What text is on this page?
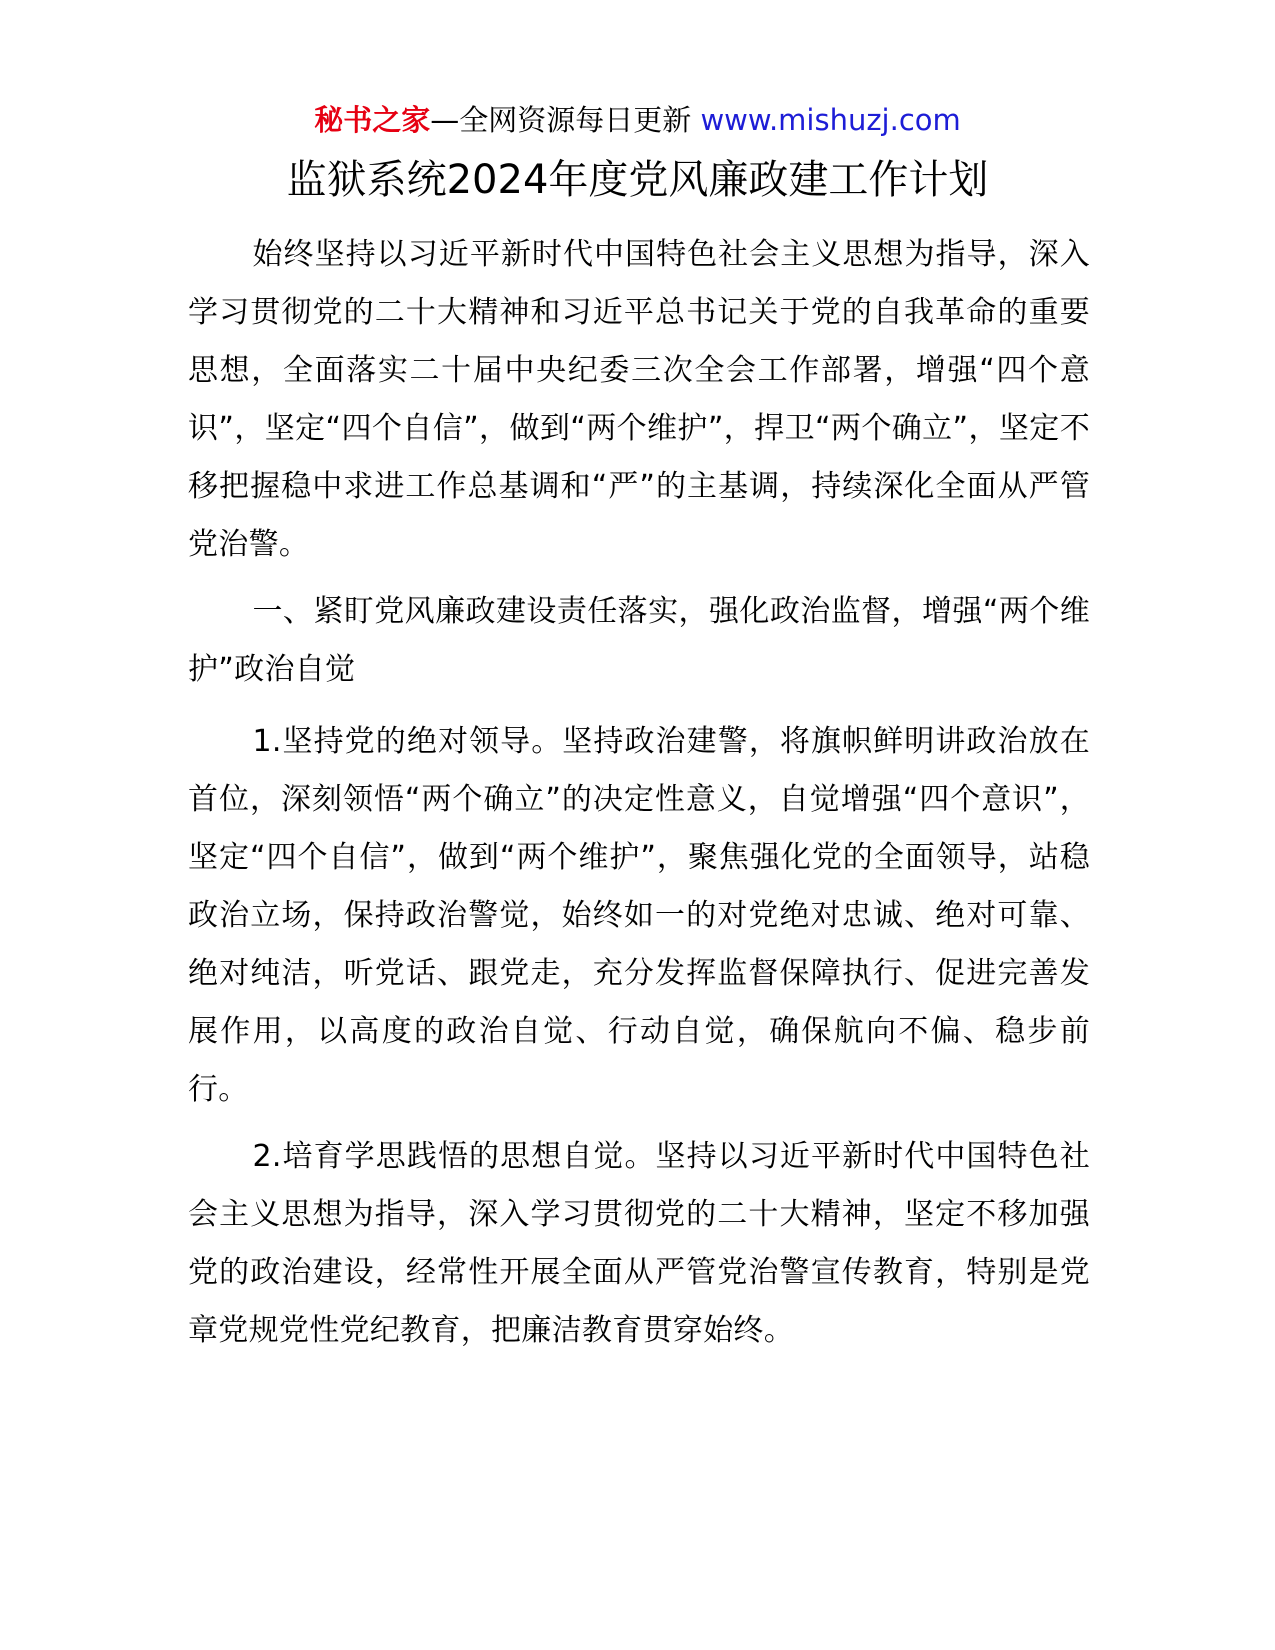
秘书之家—全网资源每日更新 www.mishuzj.com
监狱系统2024年度党风廉政建工作计划

始终坚持以习近平新时代中国特色社会主义思想为指导，深入学习贯彻党的二十大精神和习近平总书记关于党的自我革命的重要思想，全面落实二十届中央纪委三次全会工作部署，增强“四个意识”，坚定“四个自信”，做到“两个维护”，捍卫“两个确立”，坚定不移把握稳中求进工作总基调和“严”的主基调，持续深化全面从严管党治警。

一、紧盯党风廉政建设责任落实，强化政治监督，增强“两个维护”政治自觉

1.坚持党的绝对领导。坚持政治建警，将旗帜鲜明讲政治放在首位，深刻领悟“两个确立”的决定性意义，自觉增强“四个意识”，坚定“四个自信”，做到“两个维护”，聚焦强化党的全面领导，站稳政治立场，保持政治警觉，始终如一的对党绝对忠诚、绝对可靠、绝对纯洁，听党话、跟党走，充分发挥监督保障执行、促进完善发展作用，以高度的政治自觉、行动自觉，确保航向不偏、稳步前行。

2.培育学思践悟的思想自觉。坚持以习近平新时代中国特色社会主义思想为指导，深入学习贯彻党的二十大精神，坚定不移加强党的政治建设，经常性开展全面从严管党治警宣传教育，特别是党章党规党性党纪教育，把廉洁教育贯穿始终。
